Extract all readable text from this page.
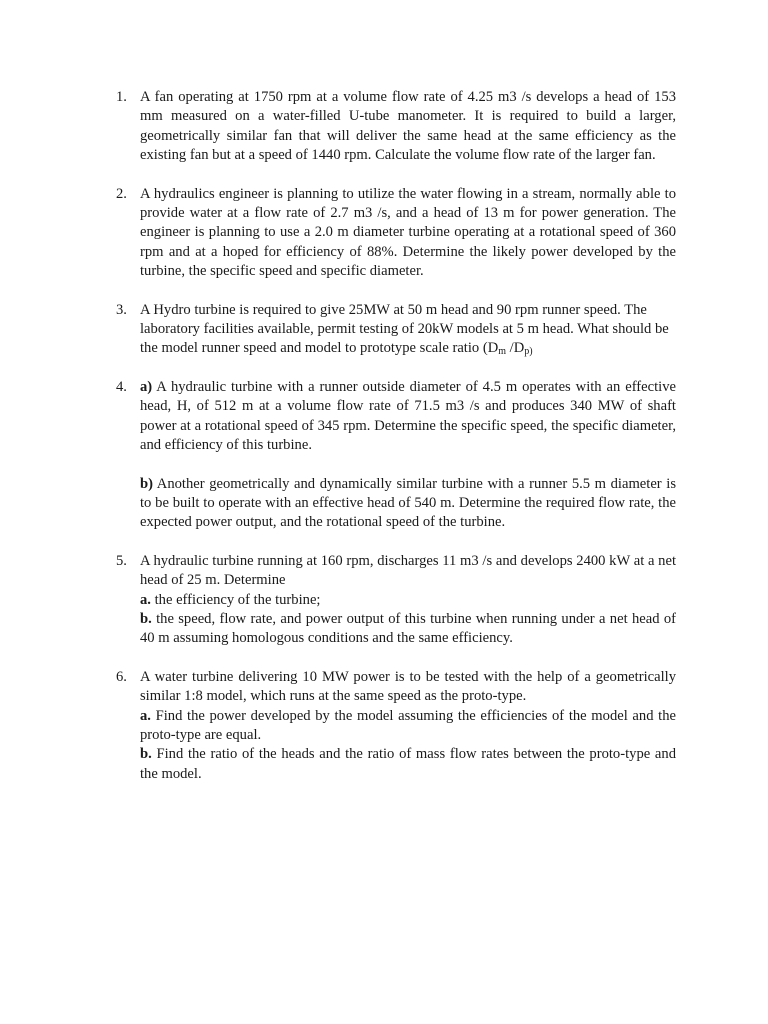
1. A fan operating at 1750 rpm at a volume flow rate of 4.25 m3 /s develops a head of 153 mm measured on a water-filled U-tube manometer. It is required to build a larger, geometrically similar fan that will deliver the same head at the same efficiency as the existing fan but at a speed of 1440 rpm. Calculate the volume flow rate of the larger fan.
2. A hydraulics engineer is planning to utilize the water flowing in a stream, normally able to provide water at a flow rate of 2.7 m3 /s, and a head of 13 m for power generation. The engineer is planning to use a 2.0 m diameter turbine operating at a rotational speed of 360 rpm and at a hoped for efficiency of 88%. Determine the likely power developed by the turbine, the specific speed and specific diameter.
3. A Hydro turbine is required to give 25MW at 50 m head and 90 rpm runner speed. The laboratory facilities available, permit testing of 20kW models at 5 m head. What should be the model runner speed and model to prototype scale ratio ($D_m$ $/D_{p)}$
4. a) A hydraulic turbine with a runner outside diameter of 4.5 m operates with an effective head, H, of 512 m at a volume flow rate of 71.5 m3 /s and produces 340 MW of shaft power at a rotational speed of 345 rpm. Determine the specific speed, the specific diameter, and efficiency of this turbine.
b) Another geometrically and dynamically similar turbine with a runner 5.5 m diameter is to be built to operate with an effective head of 540 m. Determine the required flow rate, the expected power output, and the rotational speed of the turbine.
5. A hydraulic turbine running at 160 rpm, discharges 11 m3 /s and develops 2400 kW at a net head of 25 m. Determine
a. the efficiency of the turbine;
b. the speed, flow rate, and power output of this turbine when running under a net head of 40 m assuming homologous conditions and the same efficiency.
6. A water turbine delivering 10 MW power is to be tested with the help of a geometrically similar 1:8 model, which runs at the same speed as the proto-type.
a. Find the power developed by the model assuming the efficiencies of the model and the proto-type are equal.
b. Find the ratio of the heads and the ratio of mass flow rates between the proto-type and the model.
